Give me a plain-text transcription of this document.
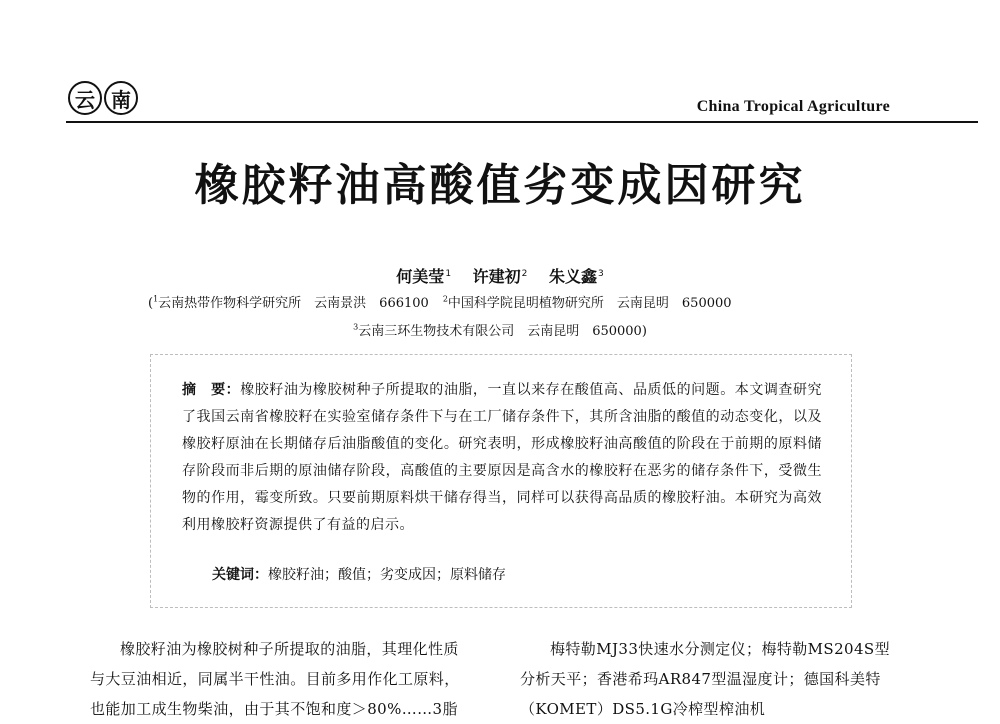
云 南	China Tropical Agriculture
橡胶籽油高酸值劣变成因研究
何美莹$^1$ 许建初$^2$ 朱义鑫$^3$
($^1$云南热带作物科学研究所　云南景洪　666100 $^2$中国科学院昆明植物研究所　云南昆明　650000
$^3$云南三环生物技术有限公司　云南昆明　650000)
摘　要：橡胶籽油为橡胶树种子所提取的油脂，一直以来存在酸值高、品质低的问题。本文调查研究了我国云南省橡胶籽在实验室储存条件下与在工厂储存条件下，其所含油脂的酸值的动态变化，以及橡胶籽原油在长期储存后油脂酸值的变化。研究表明，形成橡胶籽油高酸值的阶段在于前期的原料储存阶段而非后期的原油储存阶段，高酸值的主要原因是高含水的橡胶籽在恶劣的储存条件下，受微生物的作用，霉变所致。只要前期原料烘干储存得当，同样可以获得高品质的橡胶籽油。本研究为高效利用橡胶籽资源提供了有益的启示。
关键词：橡胶籽油；酸值；劣变成因；原料储存

橡胶籽油为橡胶树种子所提取的油脂，其理化性质

与大豆油相近，同属半干性油。目前多用作化工原料，

也能加工成生物柴油，由于其不饱和度＞80%……3脂

梅特勒MJ33快速水分测定仪；梅特勒MS204S型

分析天平；香港希玛AR847型温湿度计；德国科美特

（KOMET）DS5.1G冷榨型榨油机
